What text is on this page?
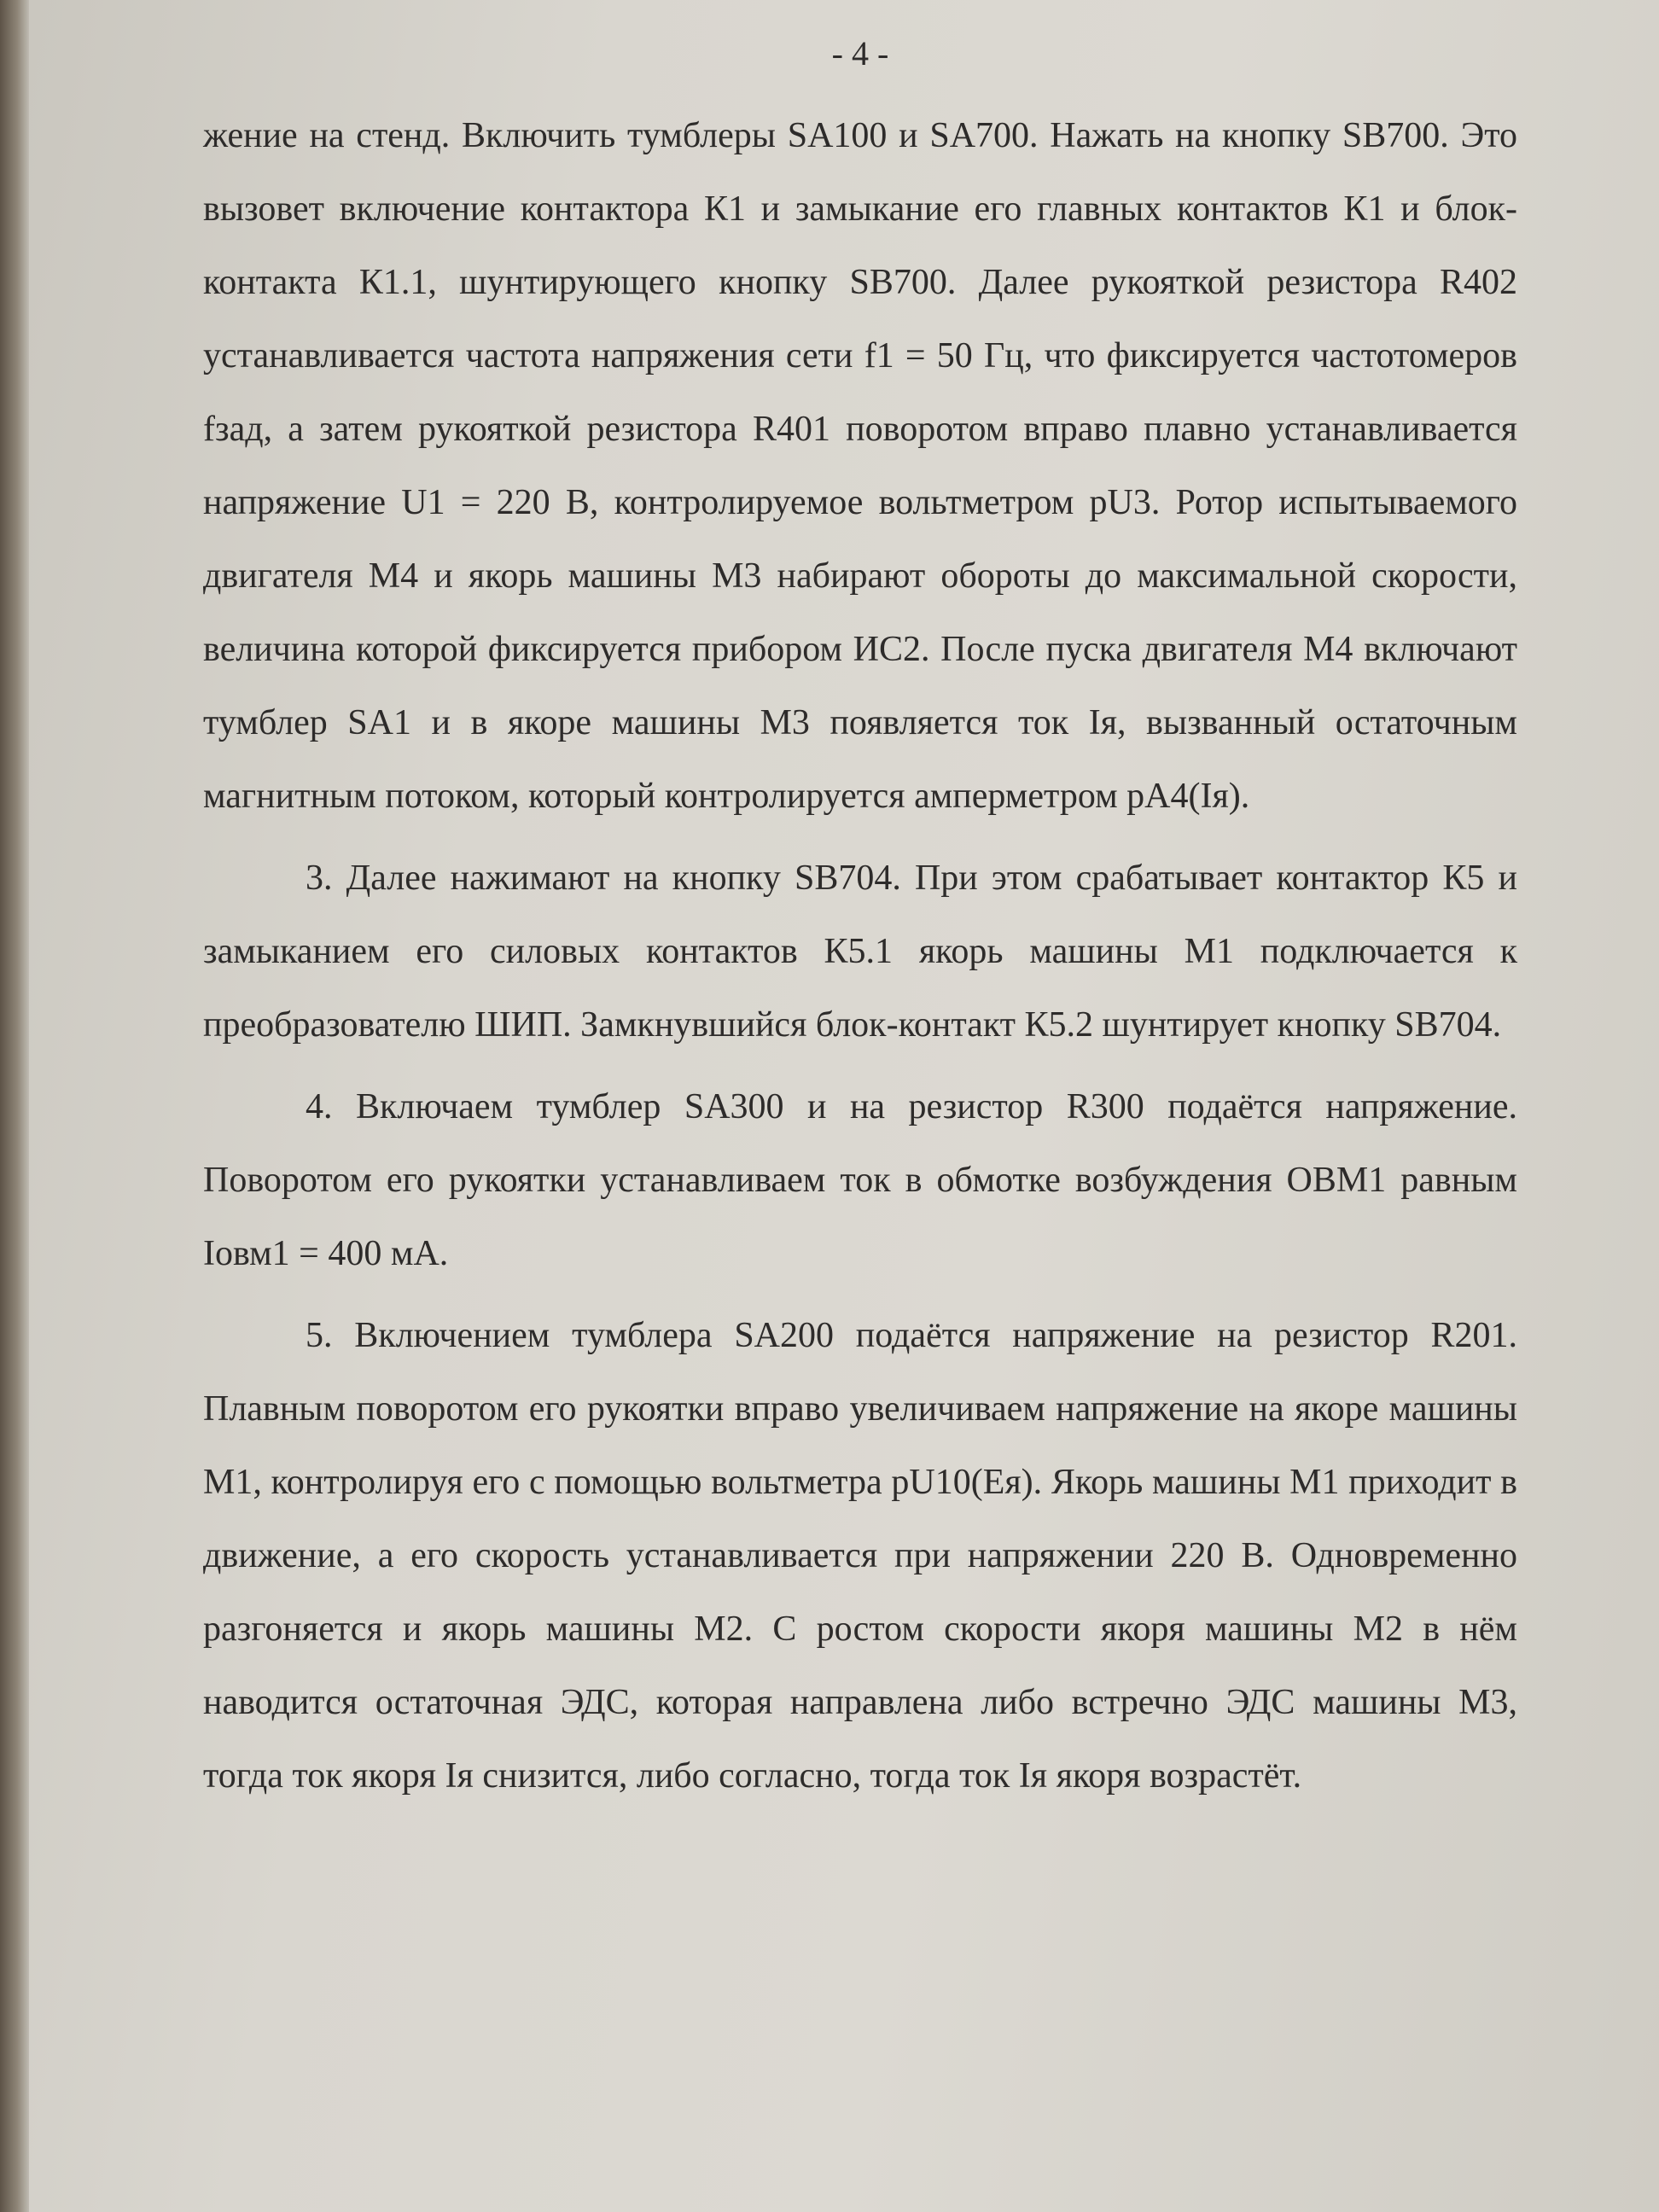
- 4 -
жение на стенд. Включить тумблеры SA100 и SA700. Нажать на кнопку SB700. Это вызовет включение контактора К1 и замыкание его главных контактов К1 и блок-контакта К1.1, шунтирующего кнопку SB700. Далее рукояткой резистора R402 устанавливается частота напряжения сети f1 = 50 Гц, что фиксируется частотомеров fзад, а затем рукояткой резистора R401 поворотом вправо плавно устанавливается напряжение U1 = 220 В, контролируемое вольтметром pU3. Ротор испытываемого двигателя М4 и якорь машины М3 набирают обороты до максимальной скорости, величина которой фиксируется прибором ИС2. После пуска двигателя М4 включают тумблер SA1 и в якоре машины М3 появляется ток Iя, вызванный остаточным магнитным потоком, который контролируется амперметром pA4(Iя).
3. Далее нажимают на кнопку SB704. При этом срабатывает контактор К5 и замыканием его силовых контактов К5.1 якорь машины М1 подключается к преобразователю ШИП. Замкнувшийся блок-контакт К5.2 шунтирует кнопку SB704.
4. Включаем тумблер SA300 и на резистор R300 подаётся напряжение. Поворотом его рукоятки устанавливаем ток в обмотке возбуждения ОВМ1 равным Iовм1 = 400 мА.
5. Включением тумблера SA200 подаётся напряжение на резистор R201. Плавным поворотом его рукоятки вправо увеличиваем напряжение на якоре машины М1, контролируя его с помощью вольтметра pU10(Eя). Якорь машины М1 приходит в движение, а его скорость устанавливается при напряжении 220 В. Одновременно разгоняется и якорь машины М2. С ростом скорости якоря машины М2 в нём наводится остаточная ЭДС, которая направлена либо встречно ЭДС машины М3, тогда ток якоря Iя снизится, либо согласно, тогда ток Iя якоря возрастёт.
